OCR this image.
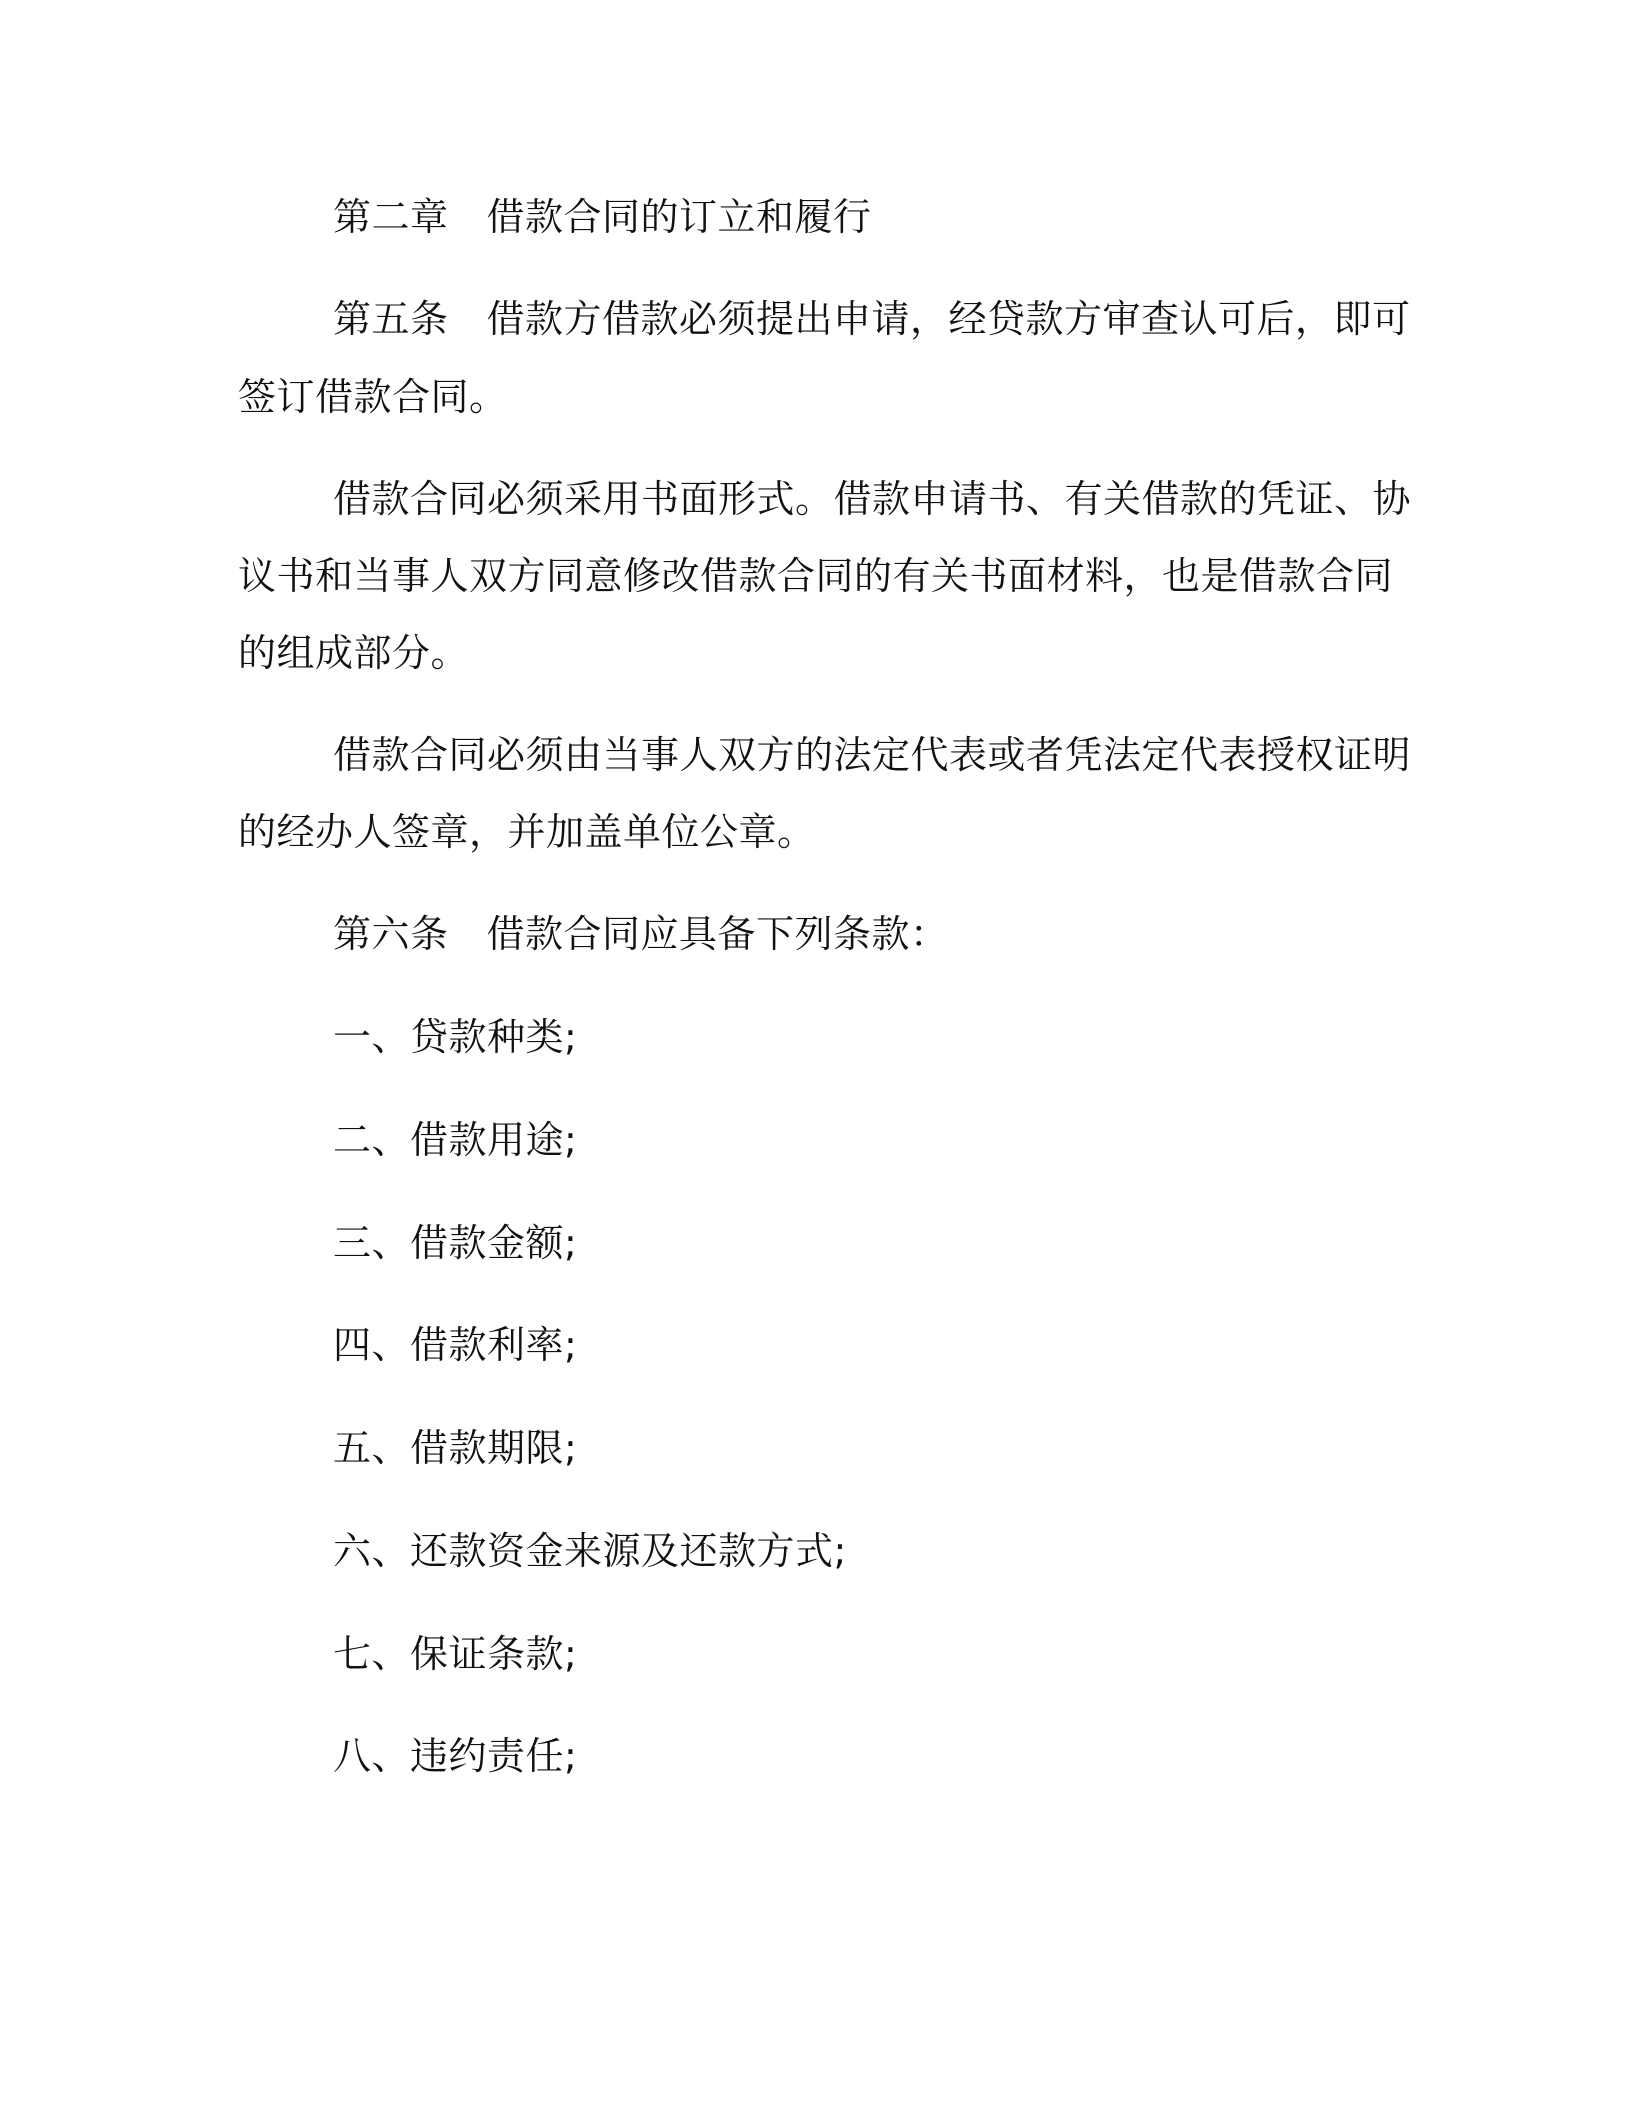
第二章 借款合同的订立和履行
第五条 借款方借款必须提出申请，经贷款方审查认可后，即可
签订借款合同。
借款合同必须采用书面形式。借款申请书、有关借款的凭证、协
议书和当事人双方同意修改借款合同的有关书面材料，也是借款合同
的组成部分。
借款合同必须由当事人双方的法定代表或者凭法定代表授权证明
的经办人签章，并加盖单位公章。
第六条 借款合同应具备下列条款：
一、贷款种类;
二、借款用途;
三、借款金额;
四、借款利率;
五、借款期限;
六、还款资金来源及还款方式;
七、保证条款;
八、违约责任;
